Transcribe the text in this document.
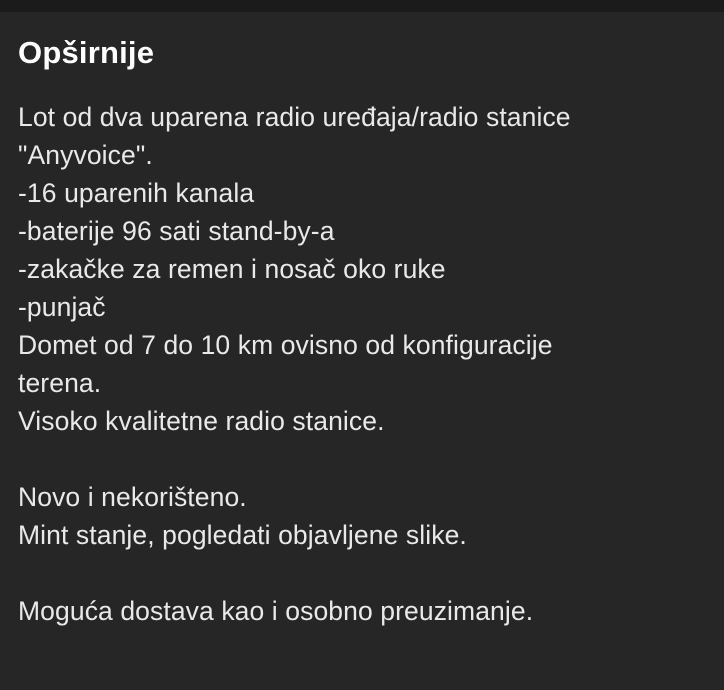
Opširnije
Lot od dva uparena radio uređaja/radio stanice
"Anyvoice".
-16 uparenih kanala
-baterije 96 sati stand-by-a
-zakačke za remen i nosač oko ruke
-punjač
Domet od 7 do 10 km ovisno od konfiguracije
terena.
Visoko kvalitetne radio stanice.
Novo i nekorišteno.
Mint stanje, pogledati objavljene slike.
Moguća dostava kao i osobno preuzimanje.
